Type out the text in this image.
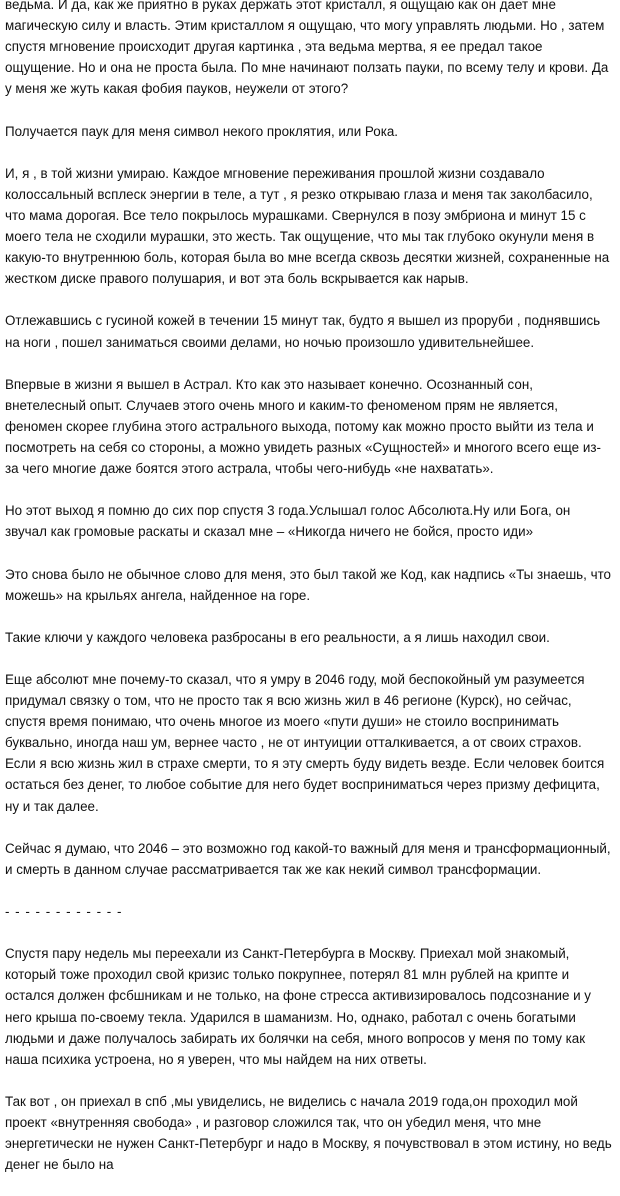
ведьма. И да, как же приятно в руках держать этот кристалл, я ощущаю как он дает мне магическую силу и власть. Этим кристаллом я ощущаю, что могу управлять людьми. Но , затем спустя мгновение происходит другая картинка , эта ведьма мертва, я ее предал такое ощущение. Но и она не проста была. По мне начинают ползать пауки, по всему телу и крови. Да у меня же жуть какая фобия пауков, неужели от этого?

Получается паук для меня символ некого проклятия, или Рока.

И, я , в той жизни умираю. Каждое мгновение переживания прошлой жизни создавало колоссальный всплеск энергии в теле, а тут , я резко открываю глаза и меня так заколбасило, что мама дорогая. Все тело покрылось мурашками. Свернулся в позу эмбриона и минут 15 с моего тела не сходили мурашки, это жесть. Так ощущение, что мы так глубоко окунули меня в какую-то внутреннюю боль, которая была во мне всегда сквозь десятки жизней, сохраненные на жестком диске правого полушария, и вот эта боль вскрывается как нарыв.

Отлежавшись с гусиной кожей в течении 15 минут так, будто я вышел из проруби , поднявшись на ноги , пошел заниматься своими делами, но ночью произошло удивительнейшее.

Впервые в жизни я вышел в Астрал. Кто как это называет конечно. Осознанный сон, внетелесный опыт. Случаев этого очень много и каким-то феноменом прям не является, феномен скорее глубина этого астрального выхода, потому как можно просто выйти из тела и посмотреть на себя со стороны, а можно увидеть разных «Сущностей» и многого всего еще из-за чего многие даже боятся этого астрала, чтобы чего-нибудь «не нахватать».

Но этот выход я помню до сих пор спустя 3 года.Услышал голос Абсолюта.Ну или Бога, он звучал как громовые раскаты и сказал мне – «Никогда ничего не бойся, просто иди»

Это снова было не обычное слово для меня, это был такой же Код, как надпись «Ты знаешь, что можешь» на крыльях ангела, найденное на горе.

Такие ключи у каждого человека разбросаны в его реальности, а я лишь находил свои.

Еще абсолют мне почему-то сказал, что я умру в 2046 году, мой беспокойный ум разумеется придумал связку о том, что не просто так я всю жизнь жил в 46 регионе (Курск), но сейчас, спустя время понимаю, что очень многое из моего «пути души» не стоило воспринимать буквально, иногда наш ум, вернее часто , не от интуиции отталкивается, а от своих страхов. Если я всю жизнь жил в страхе смерти, то я эту смерть буду видеть везде. Если человек боится остаться без денег, то любое событие для него будет восприниматься через призму дефицита, ну и так далее.

Сейчас я думаю, что 2046 – это возможно год какой-то важный для меня и трансформационный, и смерть в данном случае рассматривается так же как некий символ трансформации.

- - - - - - - - - - - -

Спустя пару недель мы переехали из Санкт-Петербурга в Москву. Приехал мой знакомый, который тоже проходил свой кризис только покрупнее, потерял 81 млн рублей на крипте и остался должен фсбшникам и не только, на фоне стресса активизировалось подсознание и у него крыша по-своему текла. Ударился в шаманизм. Но, однако, работал с очень богатыми людьми и даже получалось забирать их болячки на себя, много вопросов у меня по тому как наша психика устроена, но я уверен, что мы найдем на них ответы.

Так вот , он приехал в спб ,мы увиделись, не виделись с начала 2019 года,он проходил мой проект «внутренняя свобода» , и разговор сложился так, что он убедил меня, что мне энергетически не нужен Санкт-Петербург и надо в Москву, я почувствовал в этом истину, но ведь денег не было на
